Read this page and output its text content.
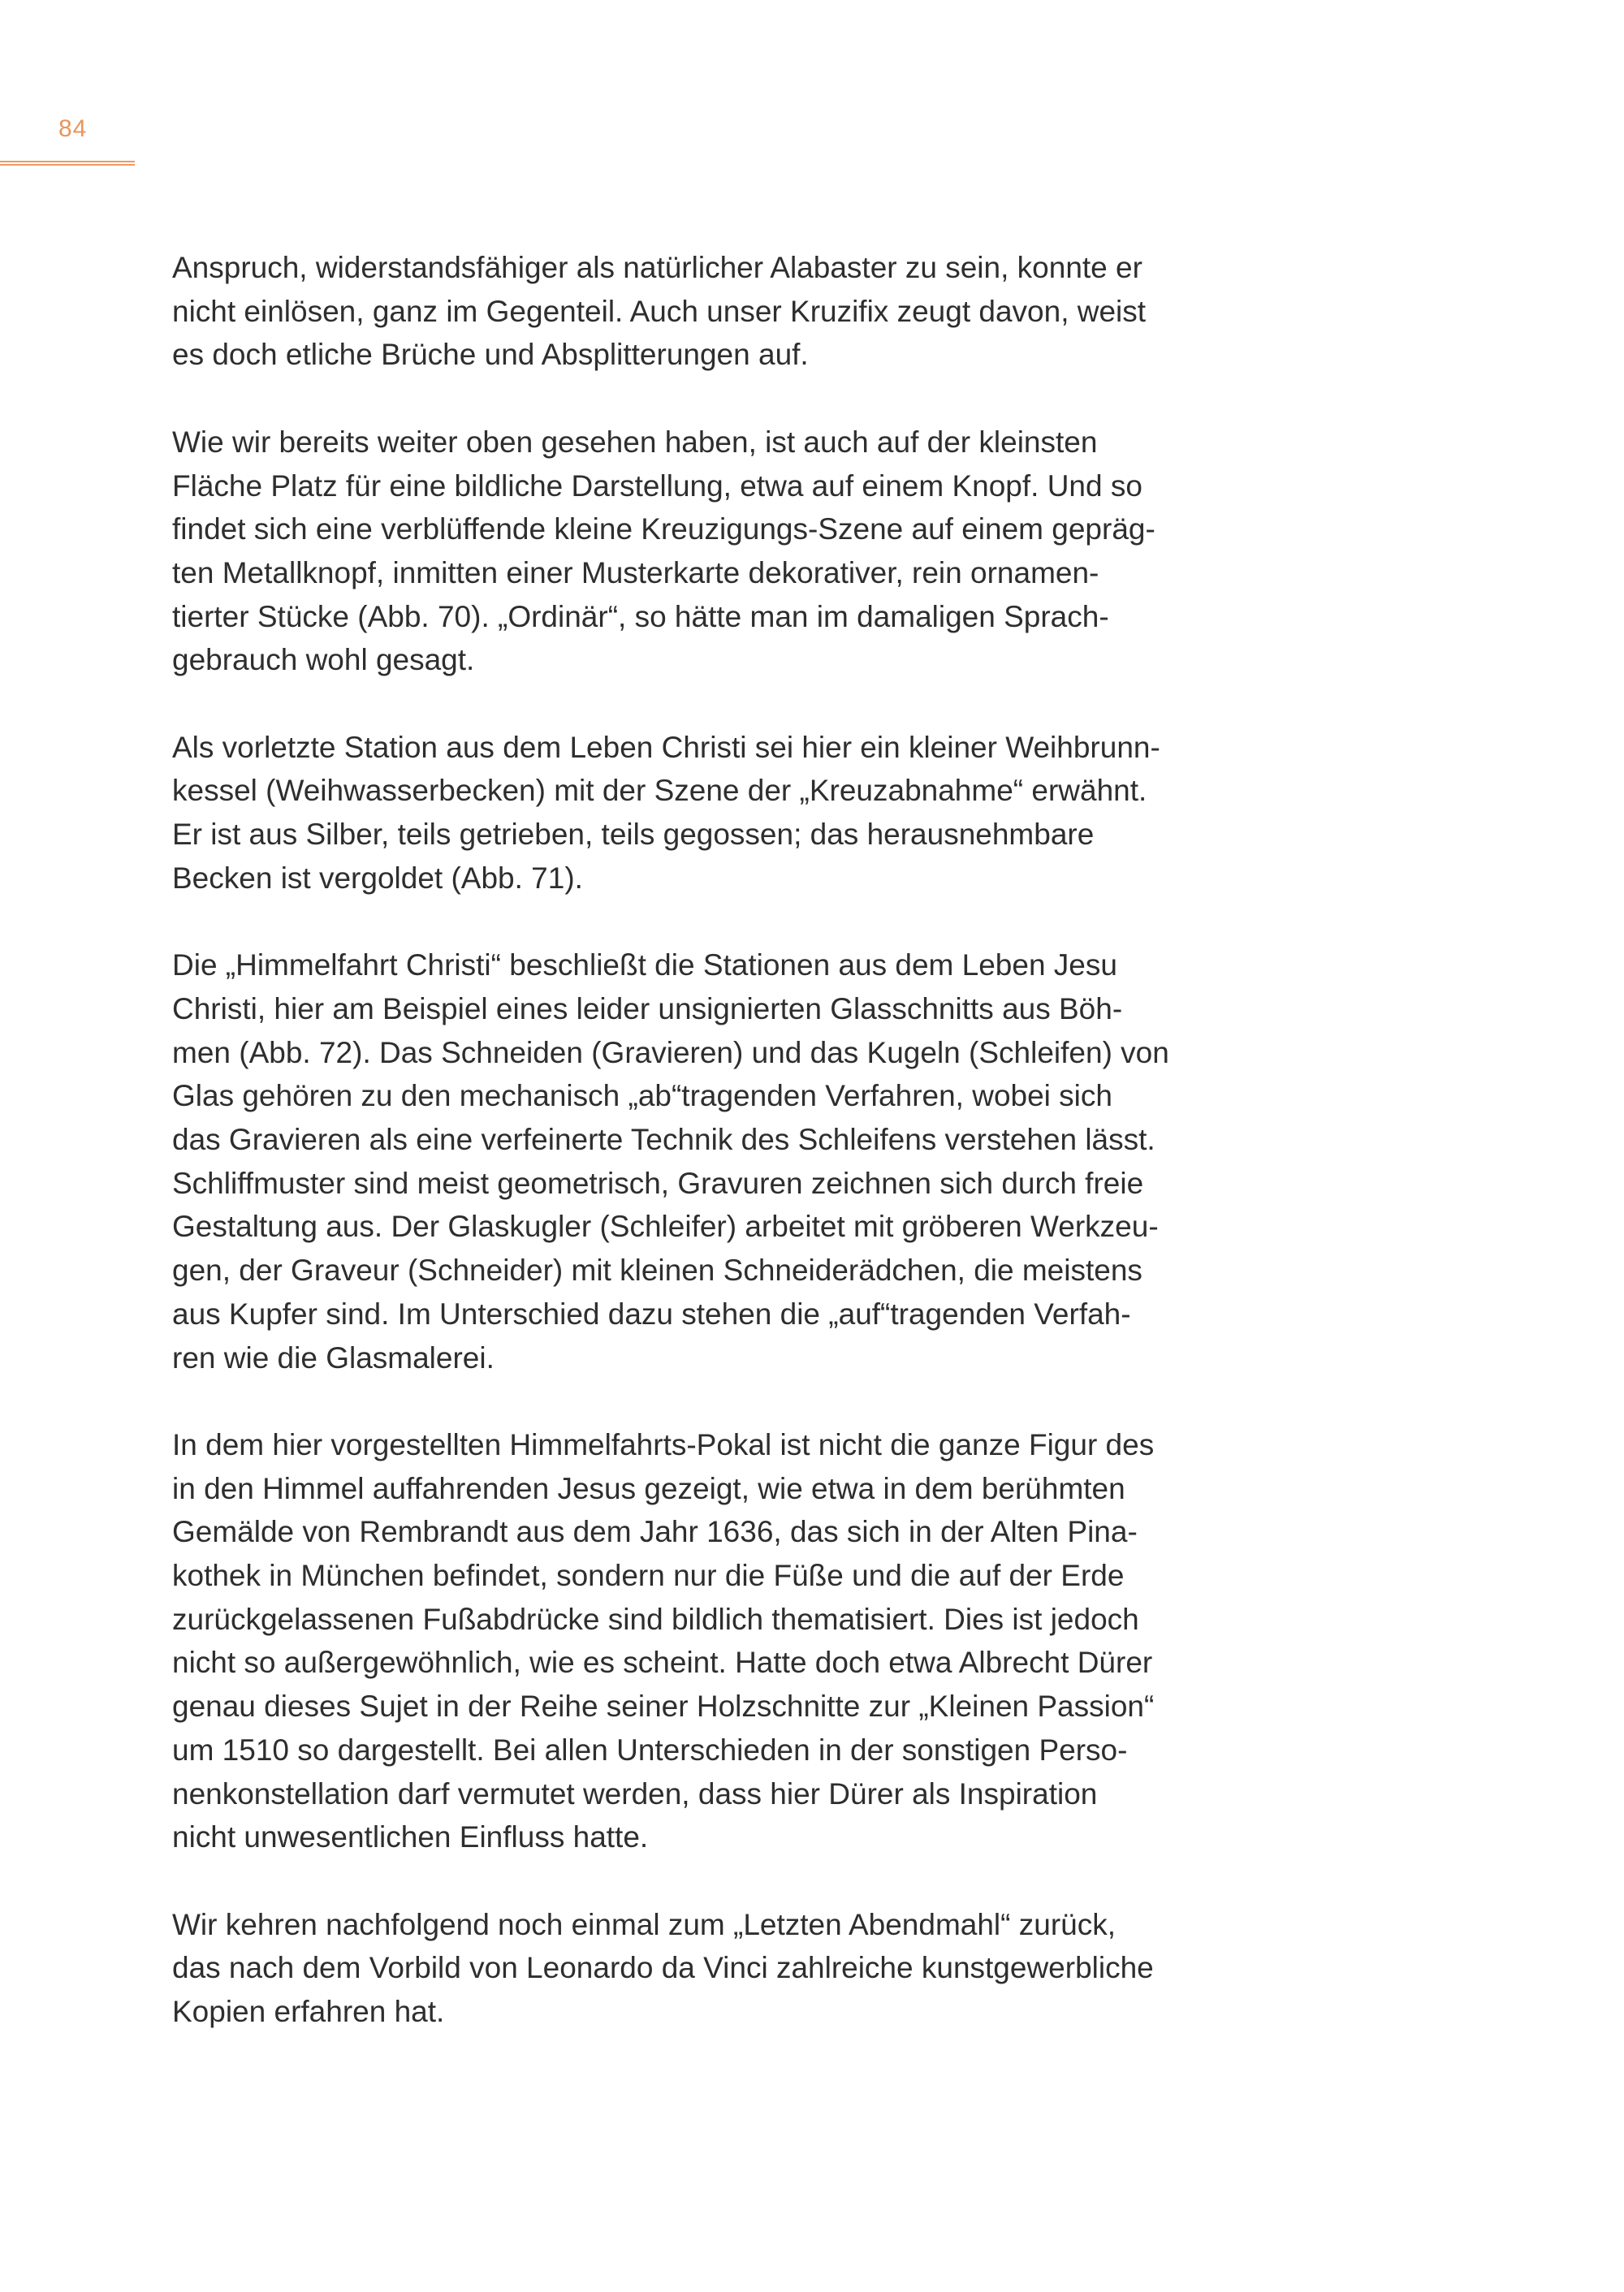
84

Anspruch, widerstandsfähiger als natürlicher Alabaster zu sein, konnte er
nicht einlösen, ganz im Gegenteil. Auch unser Kruzifix zeugt davon, weist
es doch etliche Brüche und Absplitterungen auf.

Wie wir bereits weiter oben gesehen haben, ist auch auf der kleinsten
Fläche Platz für eine bildliche Darstellung, etwa auf einem Knopf. Und so
findet sich eine verblüffende kleine Kreuzigungs-Szene auf einem gepräg-
ten Metallknopf, inmitten einer Musterkarte dekorativer, rein ornamen-
tierter Stücke (Abb. 70). „Ordinär“, so hätte man im damaligen Sprach-
gebrauch wohl gesagt.

Als vorletzte Station aus dem Leben Christi sei hier ein kleiner Weihbrunn-
kessel (Weihwasserbecken) mit der Szene der „Kreuzabnahme“ erwähnt.
Er ist aus Silber, teils getrieben, teils gegossen; das herausnehmbare
Becken ist vergoldet (Abb. 71).

Die „Himmelfahrt Christi“ beschließt die Stationen aus dem Leben Jesu
Christi, hier am Beispiel eines leider unsignierten Glasschnitts aus Böh-
men (Abb. 72). Das Schneiden (Gravieren) und das Kugeln (Schleifen) von
Glas gehören zu den mechanisch „ab“tragenden Verfahren, wobei sich
das Gravieren als eine verfeinerte Technik des Schleifens verstehen lässt.
Schliffmuster sind meist geometrisch, Gravuren zeichnen sich durch freie
Gestaltung aus. Der Glaskugler (Schleifer) arbeitet mit gröberen Werkzeu-
gen, der Graveur (Schneider) mit kleinen Schneiderädchen, die meistens
aus Kupfer sind. Im Unterschied dazu stehen die „auf“tragenden Verfah-
ren wie die Glasmalerei.

In dem hier vorgestellten Himmelfahrts-Pokal ist nicht die ganze Figur des
in den Himmel auffahrenden Jesus gezeigt, wie etwa in dem berühmten
Gemälde von Rembrandt aus dem Jahr 1636, das sich in der Alten Pina-
kothek in München befindet, sondern nur die Füße und die auf der Erde
zurückgelassenen Fußabdrücke sind bildlich thematisiert. Dies ist jedoch
nicht so außergewöhnlich, wie es scheint. Hatte doch etwa Albrecht Dürer
genau dieses Sujet in der Reihe seiner Holzschnitte zur „Kleinen Passion“
um 1510 so dargestellt. Bei allen Unterschieden in der sonstigen Perso-
nenkonstellation darf vermutet werden, dass hier Dürer als Inspiration
nicht unwesentlichen Einfluss hatte.

Wir kehren nachfolgend noch einmal zum „Letzten Abendmahl“ zurück,
das nach dem Vorbild von Leonardo da Vinci zahlreiche kunstgewerbliche
Kopien erfahren hat.
